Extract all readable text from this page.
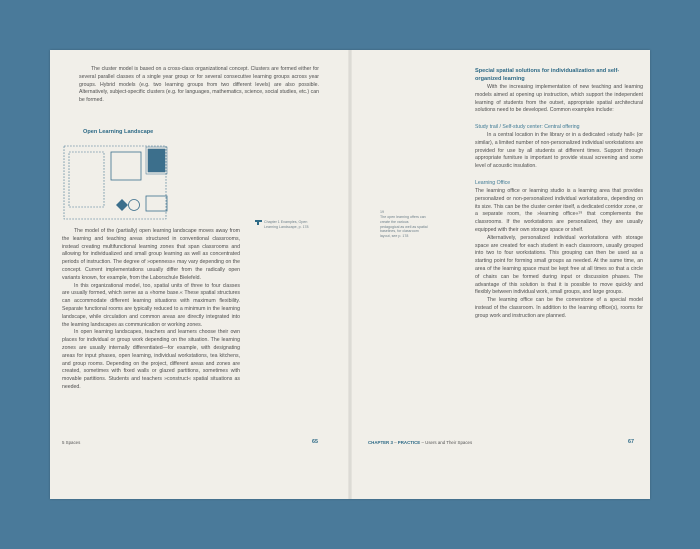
The cluster model is based on a cross-class organizational concept. Clusters are formed either for several parallel classes of a single year group or for several consecutive learning groups across year groups. Hybrid models (e.g. two learning groups from two different levels) are also possible. Alternatively, subject-specific clusters (e.g. for languages, mathematics, science, social studies, etc.) can be formed.

Open Learning Landscape
Chapter 1 Examples, Open Learning Landscape, p. 178

The model of the (partially) open learning landscape moves away from the learning and teaching areas structured in conventional classrooms, instead creating multifunctional learning zones that span classrooms and allowing for individualized and small group learning as well as concentrated periods of instruction. The degree of »openness« may vary depending on the concept. Current implementations usually differ from the radically open variants known, for example, from the Laborschule Bielefeld.

In this organizational model, too, spatial units of three to four classes are usually formed, which serve as a »home base.« These spatial structures can accommodate different learning situations with maximum flexibility. Separate functional rooms are typically reduced to a minimum in the learning landscape, while circulation and common areas are directly integrated into the learning landscapes as communication or working zones.

In open learning landscapes, teachers and learners choose their own places for individual or group work depending on the situation. The learning zones are usually internally differentiated—for example, with designating areas for input phases, open learning, individual workstations, tea kitchens, and group rooms. Depending on the project, different areas and zones are created, sometimes with fixed walls or glazed partitions, sometimes with movable partitions. Students and teachers »construct« spatial situations as needed.

5 Spaces	65
19
The open learning offers can create the various pedagogical as well as spatial baselines, for classroom layout, see p. 178
Special spatial solutions for individualization and self-organized learning

With the increasing implementation of new teaching and learning models aimed at opening up instruction, which support the independent learning of students from the outset, appropriate spatial architectural solutions need to be developed. Common examples include:

Study trail / Self-study center: Central offering

In a central location in the library or in a dedicated »study hall« (or similar), a limited number of non-personalized individual workstations are provided for use by all students at different times. Support through appropriate furniture is important to provide visual screening and some level of acoustic insulation.

Learning Office

The learning office or learning studio is a learning area that provides personalized or non-personalized individual workstations, depending on its size. This can be the cluster center itself, a dedicated corridor zone, or a separate room, the »learning office«¹⁹ that complements the classrooms. If the workstations are personalized, they are usually equipped with their own storage space or shelf.

Alternatively, personalized individual workstations with storage space are created for each student in each classroom, usually grouped into two to four workstations. This grouping can then be used as a starting point for forming small groups as needed. At the same time, an area of the learning space must be kept free at all times so that a circle of chairs can be formed during input or discussion phases. The advantage of this solution is that it is possible to move quickly and flexibly between individual work, small groups, and large groups.

The learning office can be the cornerstone of a special model instead of the classroom. In addition to the learning office(s), rooms for group work and instruction are planned.

CHAPTER 3 – PRACTICE – Users and Their Spaces	67
